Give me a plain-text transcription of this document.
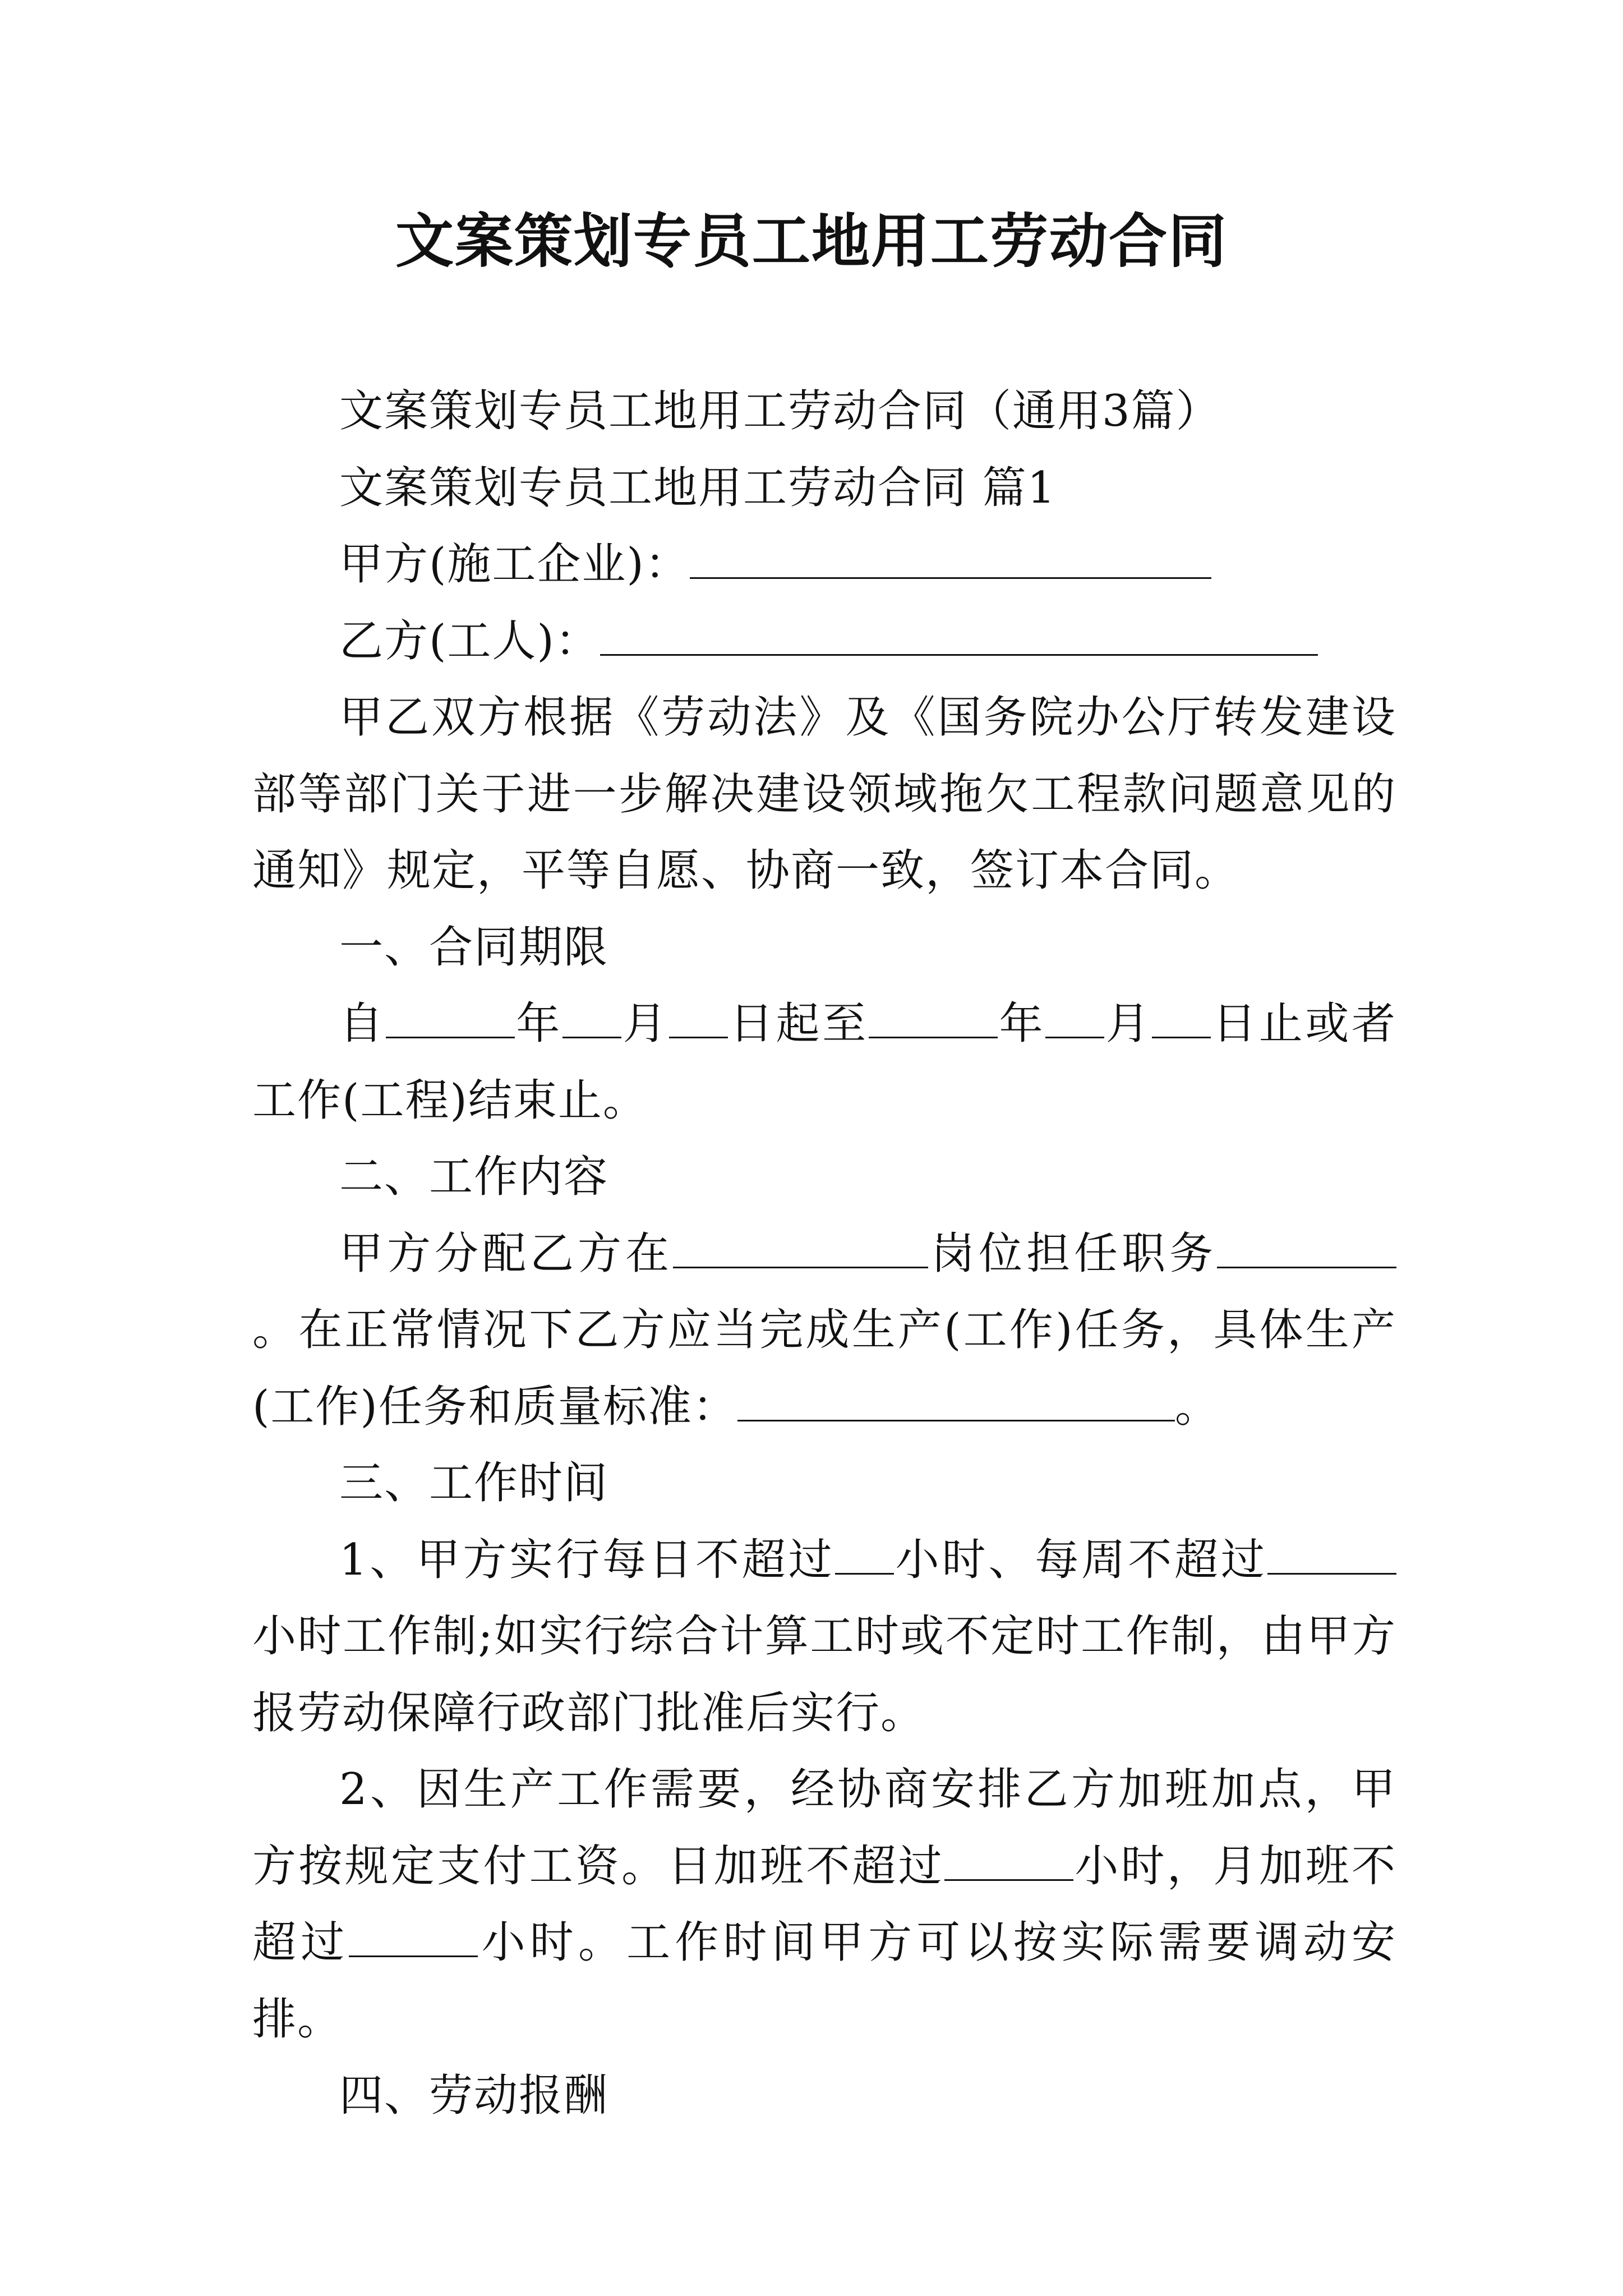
文案策划专员工地用工劳动合同

文案策划专员工地用工劳动合同（通用3篇）

文案策划专员工地用工劳动合同 篇1

甲方(施工企业)：

乙方(工人)：

甲乙双方根据《劳动法》及《国务院办公厅转发建设部等部门关于进一步解决建设领域拖欠工程款问题意见的通知》规定，平等自愿、协商一致，签订本合同。

一、合同期限

自	年 月 日起至	年 月 日止或者工作(工程)结束止。

二、工作内容

甲方分配乙方在	岗位担任职务。在正常情况下乙方应当完成生产(工作)任务，具体生产(工作)任务和质量标准：	。

三、工作时间

1、甲方实行每日不超过 小时、每周不超过小时工作制;如实行综合计算工时或不定时工作制，由甲方报劳动保障行政部门批准后实行。

2、因生产工作需要，经协商安排乙方加班加点，甲方按规定支付工资。日加班不超过	小时，月加班不超过	小时。工作时间甲方可以按实际需要调动安排。

四、劳动报酬
